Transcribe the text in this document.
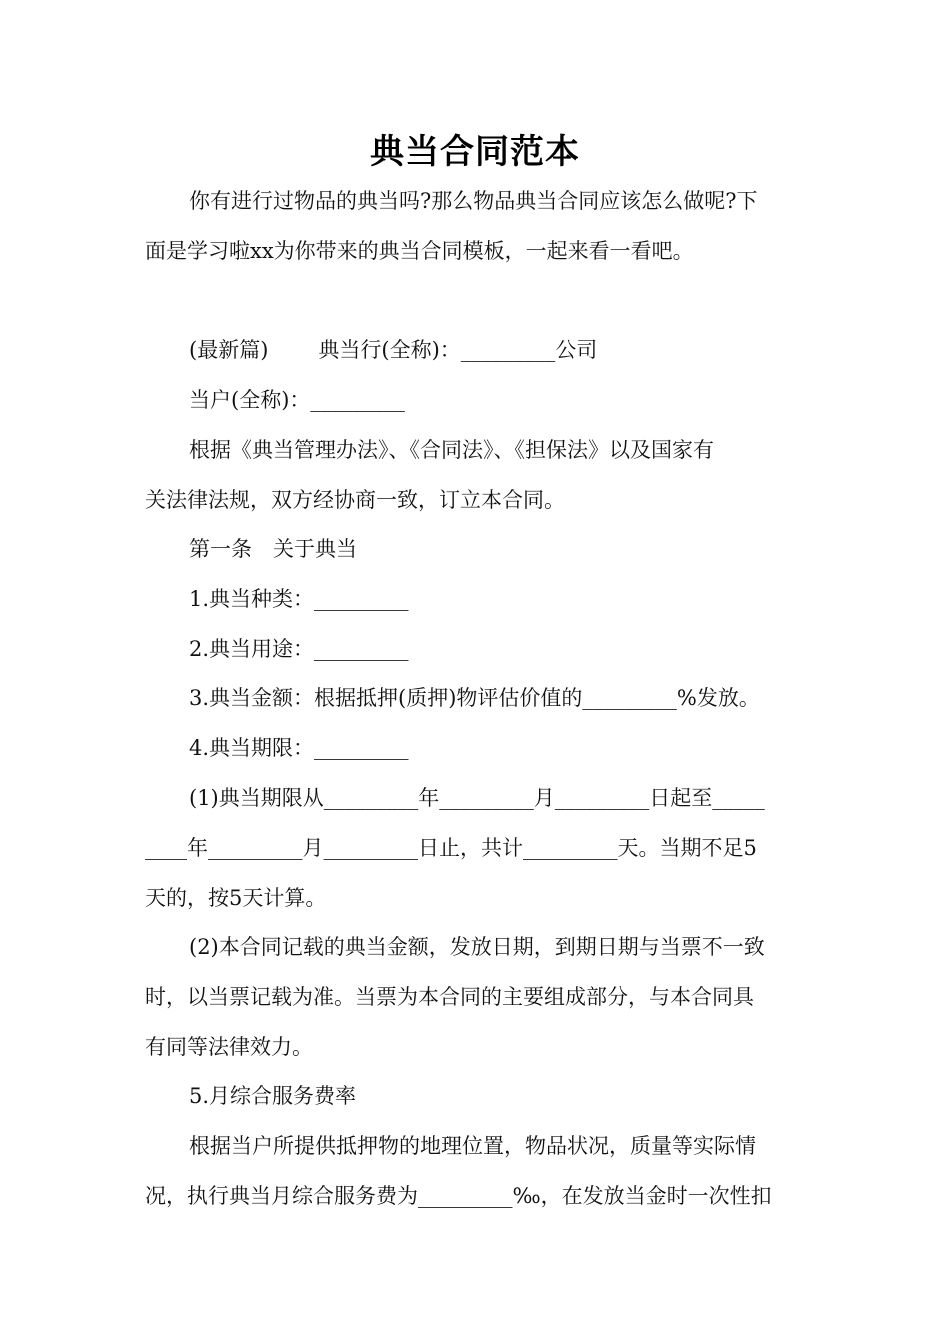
典当合同范本
你有进行过物品的典当吗?那么物品典当合同应该怎么做呢?下
面是学习啦xx为你带来的典当合同模板，一起来看一看吧。
(最新篇) 典当行(全称)：_________公司
当户(全称)：_________
根据《典当管理办法》、《合同法》、《担保法》以及国家有
关法律法规，双方经协商一致，订立本合同。
第一条　关于典当
1.典当种类：_________
2.典当用途：_________
3.典当金额：根据抵押(质押)物评估价值的_________%发放。
4.典当期限：_________
(1)典当期限从_________年_________月_________日起至_____
____年_________月_________日止，共计_________天。当期不足5
天的，按5天计算。
(2)本合同记载的典当金额，发放日期，到期日期与当票不一致
时，以当票记载为准。当票为本合同的主要组成部分，与本合同具
有同等法律效力。
5.月综合服务费率
根据当户所提供抵押物的地理位置，物品状况，质量等实际情
况，执行典当月综合服务费为_________‰，在发放当金时一次性扣
